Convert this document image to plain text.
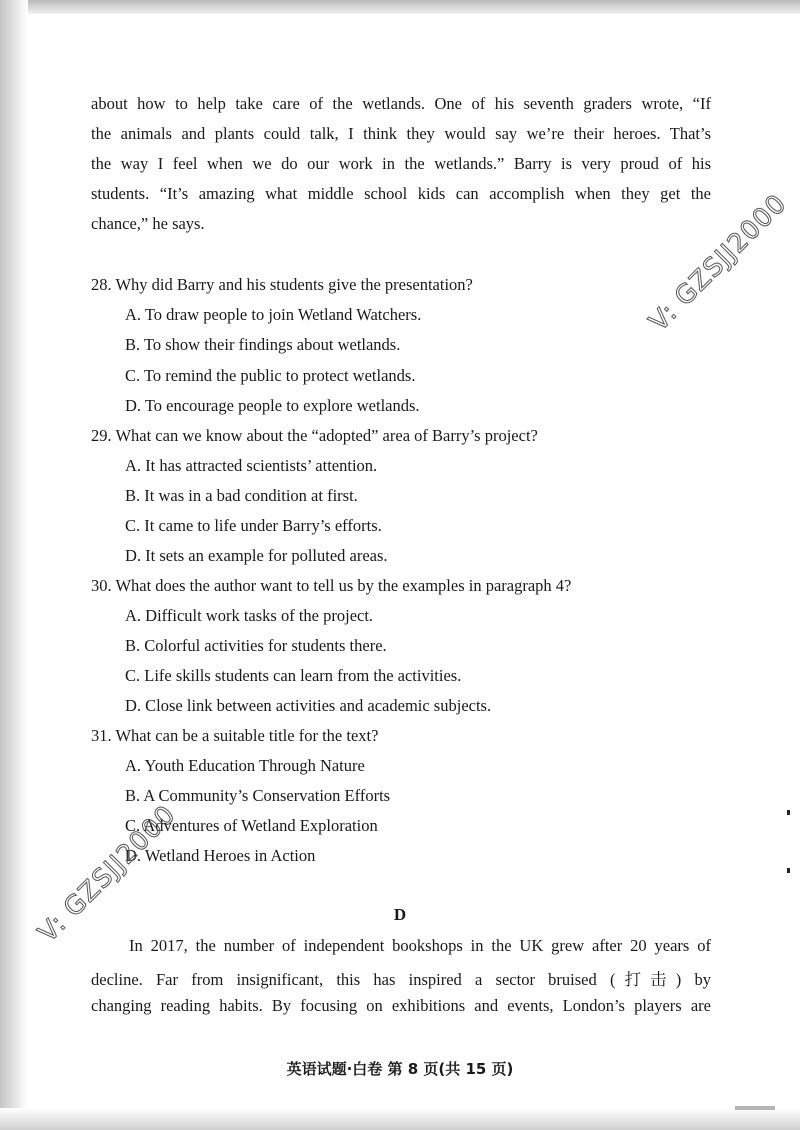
about how to help take care of the wetlands. One of his seventh graders wrote, “If
the animals and plants could talk, I think they would say we’re their heroes. That’s
the way I feel when we do our work in the wetlands.” Barry is very proud of his
students. “It’s amazing what middle school kids can accomplish when they get the
chance,” he says.
28. Why did Barry and his students give the presentation?
A. To draw people to join Wetland Watchers.
B. To show their findings about wetlands.
C. To remind the public to protect wetlands.
D. To encourage people to explore wetlands.
29. What can we know about the “adopted” area of Barry’s project?
A. It has attracted scientists’ attention.
B. It was in a bad condition at first.
C. It came to life under Barry’s efforts.
D. It sets an example for polluted areas.
30. What does the author want to tell us by the examples in paragraph 4?
A. Difficult work tasks of the project.
B. Colorful activities for students there.
C. Life skills students can learn from the activities.
D. Close link between activities and academic subjects.
31. What can be a suitable title for the text?
A. Youth Education Through Nature
B. A Community’s Conservation Efforts
C. Adventures of Wetland Exploration
D. Wetland Heroes in Action
D
In 2017, the number of independent bookshops in the UK grew after 20 years of
decline. Far from insignificant, this has inspired a sector bruised (打击) by
changing reading habits. By focusing on exhibitions and events, London’s players are
英语试题·白卷 第 8 页(共 15 页)
V: GZSJJ2000
V: GZSJJ2000
